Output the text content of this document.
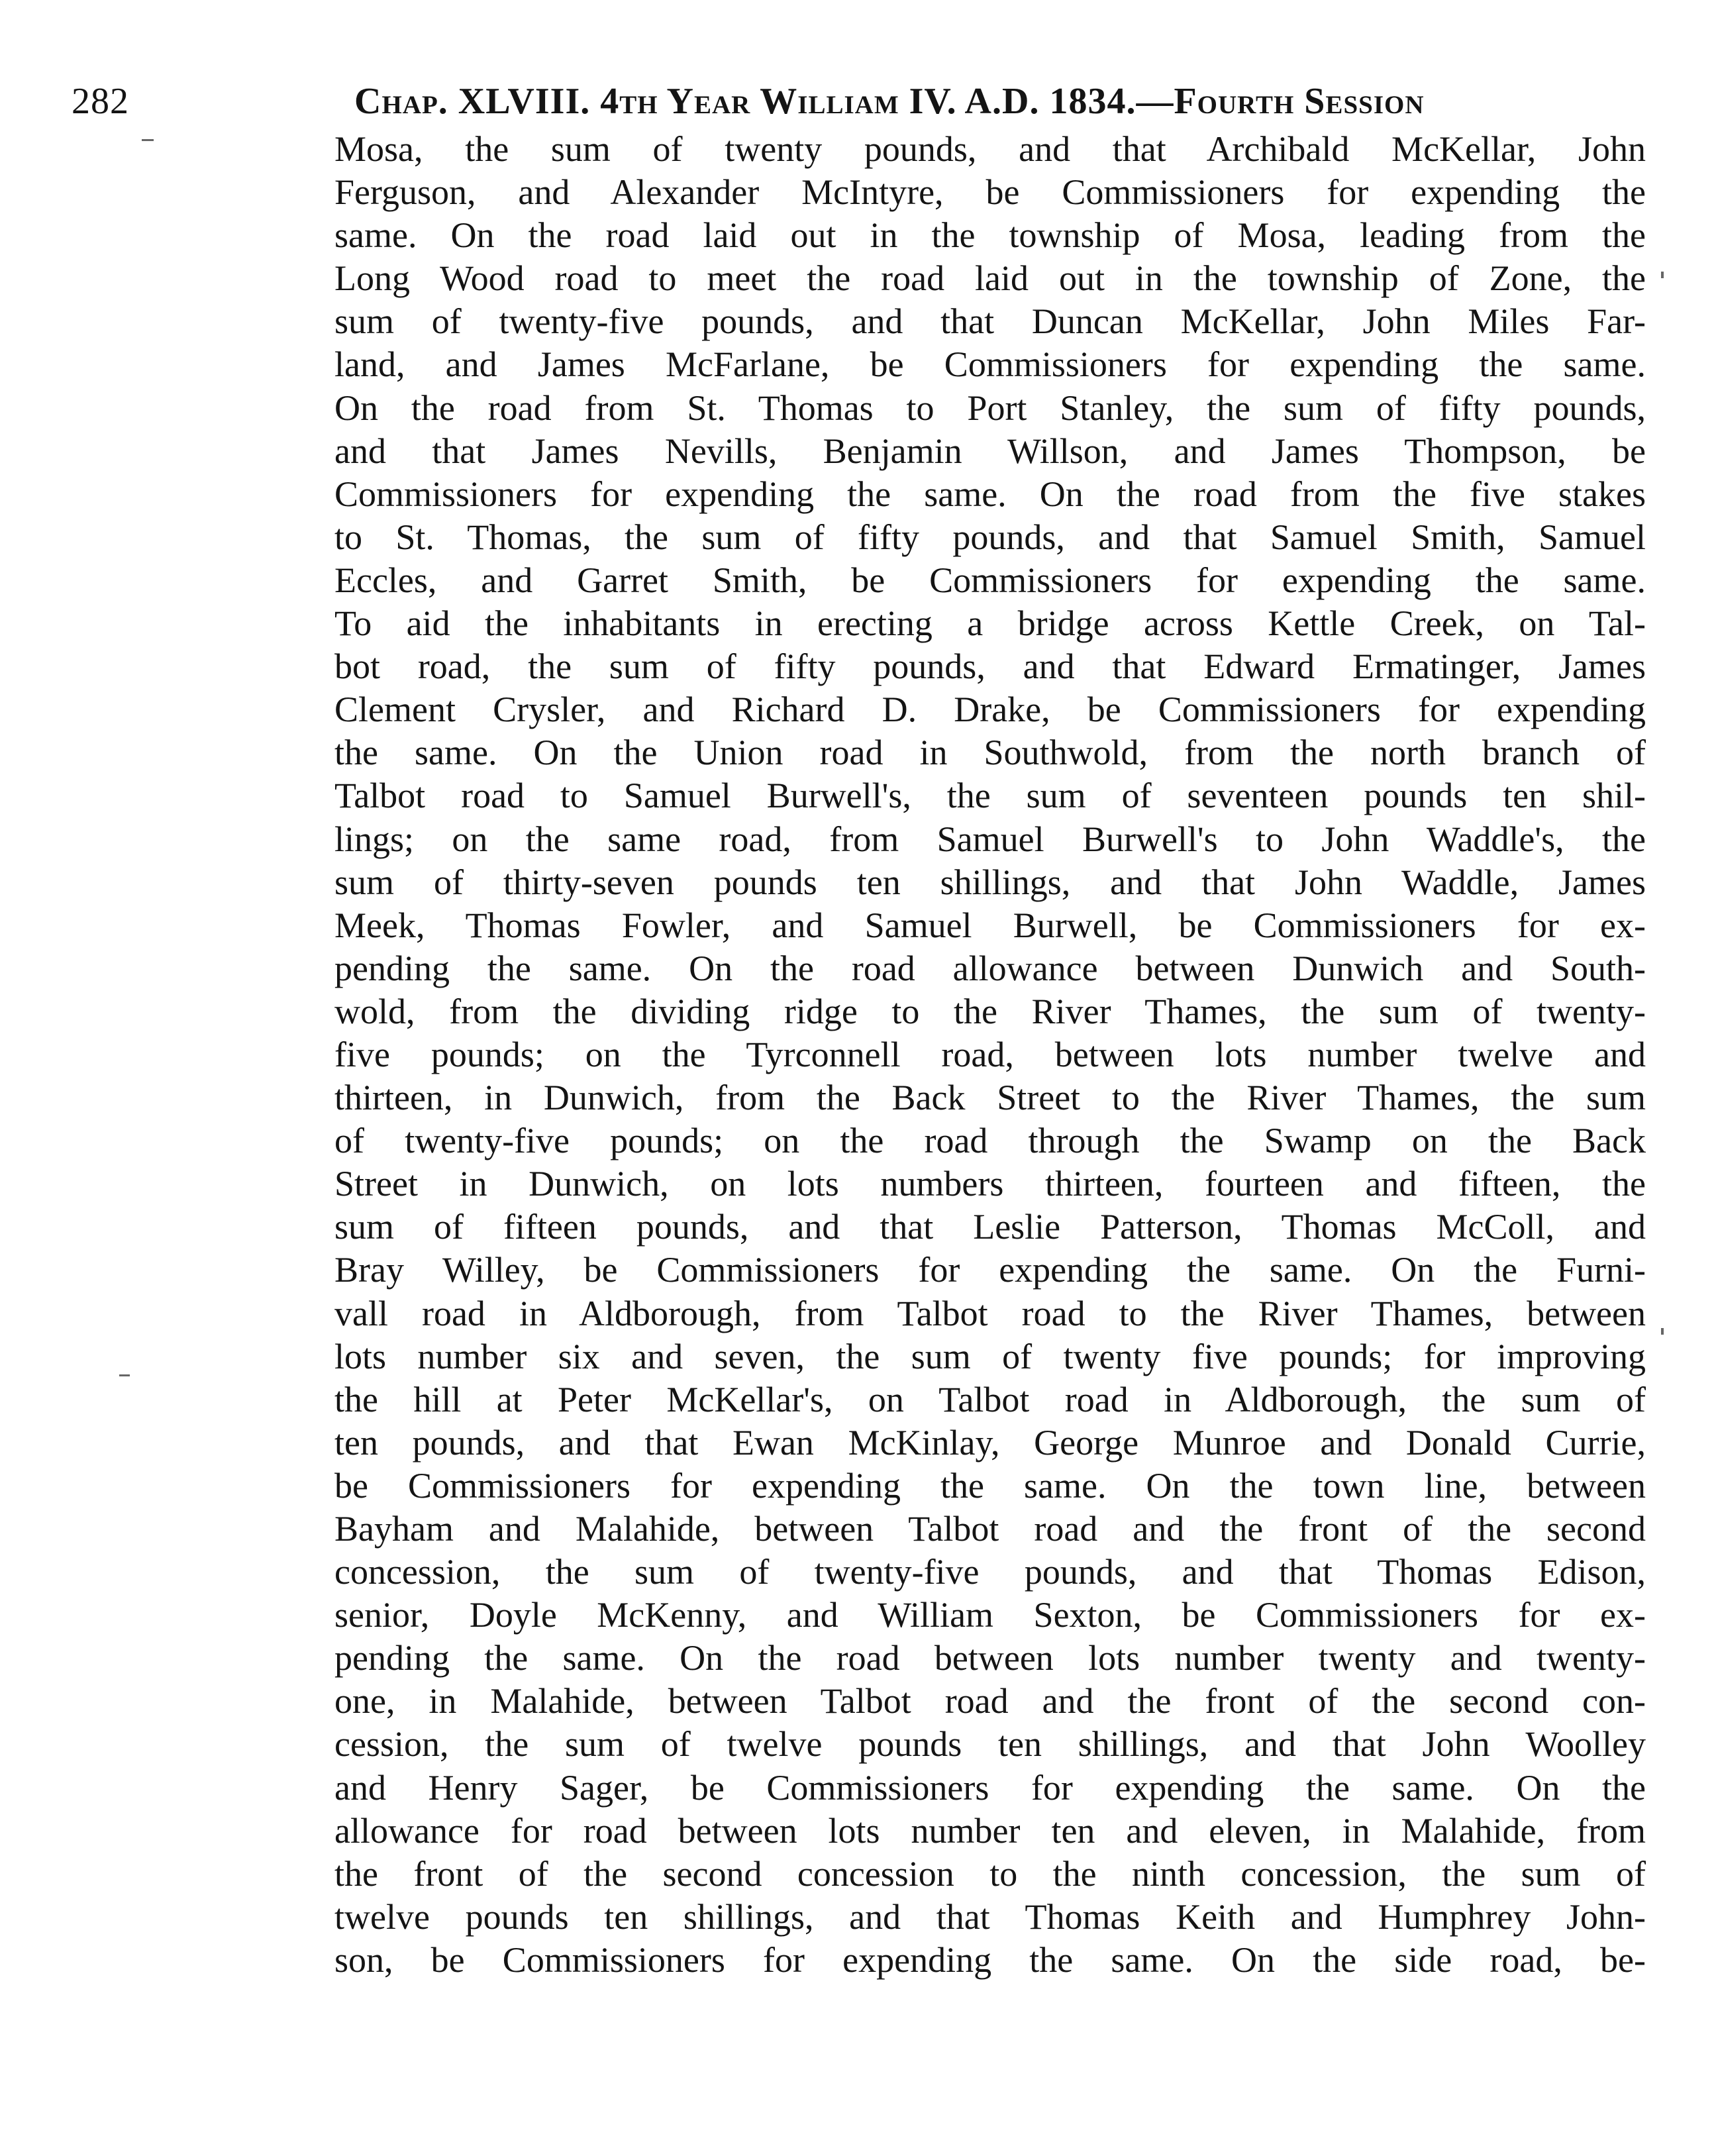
282	Chap. XLVIII. 4th Year William IV. A.D. 1834.—Fourth Session
Mosa, the sum of twenty pounds, and that Archibald McKellar, John
Ferguson, and Alexander McIntyre, be Commissioners for expending the
same. On the road laid out in the township of Mosa, leading from the
Long Wood road to meet the road laid out in the township of Zone, the
sum of twenty-five pounds, and that Duncan McKellar, John Miles Far-
land, and James McFarlane, be Commissioners for expending the same.
On the road from St. Thomas to Port Stanley, the sum of fifty pounds,
and that James Nevills, Benjamin Willson, and James Thompson, be
Commissioners for expending the same. On the road from the five stakes
to St. Thomas, the sum of fifty pounds, and that Samuel Smith, Samuel
Eccles, and Garret Smith, be Commissioners for expending the same.
To aid the inhabitants in erecting a bridge across Kettle Creek, on Tal-
bot road, the sum of fifty pounds, and that Edward Ermatinger, James
Clement Crysler, and Richard D. Drake, be Commissioners for expending
the same. On the Union road in Southwold, from the north branch of
Talbot road to Samuel Burwell's, the sum of seventeen pounds ten shil-
lings; on the same road, from Samuel Burwell's to John Waddle's, the
sum of thirty-seven pounds ten shillings, and that John Waddle, James
Meek, Thomas Fowler, and Samuel Burwell, be Commissioners for ex-
pending the same. On the road allowance between Dunwich and South-
wold, from the dividing ridge to the River Thames, the sum of twenty-
five pounds; on the Tyrconnell road, between lots number twelve and
thirteen, in Dunwich, from the Back Street to the River Thames, the sum
of twenty-five pounds; on the road through the Swamp on the Back
Street in Dunwich, on lots numbers thirteen, fourteen and fifteen, the
sum of fifteen pounds, and that Leslie Patterson, Thomas McColl, and
Bray Willey, be Commissioners for expending the same. On the Furni-
vall road in Aldborough, from Talbot road to the River Thames, between
lots number six and seven, the sum of twenty five pounds; for improving
the hill at Peter McKellar's, on Talbot road in Aldborough, the sum of
ten pounds, and that Ewan McKinlay, George Munroe and Donald Currie,
be Commissioners for expending the same. On the town line, between
Bayham and Malahide, between Talbot road and the front of the second
concession, the sum of twenty-five pounds, and that Thomas Edison,
senior, Doyle McKenny, and William Sexton, be Commissioners for ex-
pending the same. On the road between lots number twenty and twenty-
one, in Malahide, between Talbot road and the front of the second con-
cession, the sum of twelve pounds ten shillings, and that John Woolley
and Henry Sager, be Commissioners for expending the same. On the
allowance for road between lots number ten and eleven, in Malahide, from
the front of the second concession to the ninth concession, the sum of
twelve pounds ten shillings, and that Thomas Keith and Humphrey John-
son, be Commissioners for expending the same. On the side road, be-
